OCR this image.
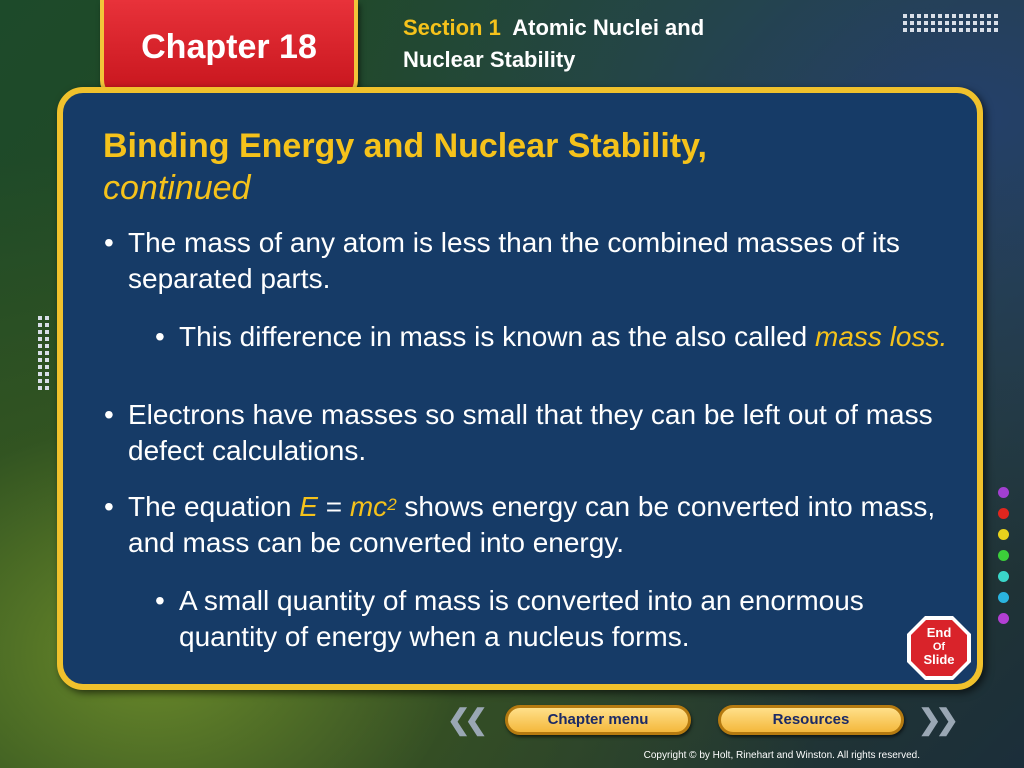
Chapter 18
Section 1 Atomic Nuclei and
Nuclear Stability
Binding Energy and Nuclear Stability,
continued
• The mass of any atom is less than the combined masses of its separated parts.
• This difference in mass is known as the also called mass loss.
• Electrons have masses so small that they can be left out of mass defect calculations.
• The equation $E = mc^2$ shows energy can be converted into mass, and mass can be converted into energy.
• A small quantity of mass is converted into an enormous quantity of energy when a nucleus forms.	End
Of
Slide
❮❮	Chapter menu	Resources	❯❯
Copyright © by Holt, Rinehart and Winston. All rights reserved.
